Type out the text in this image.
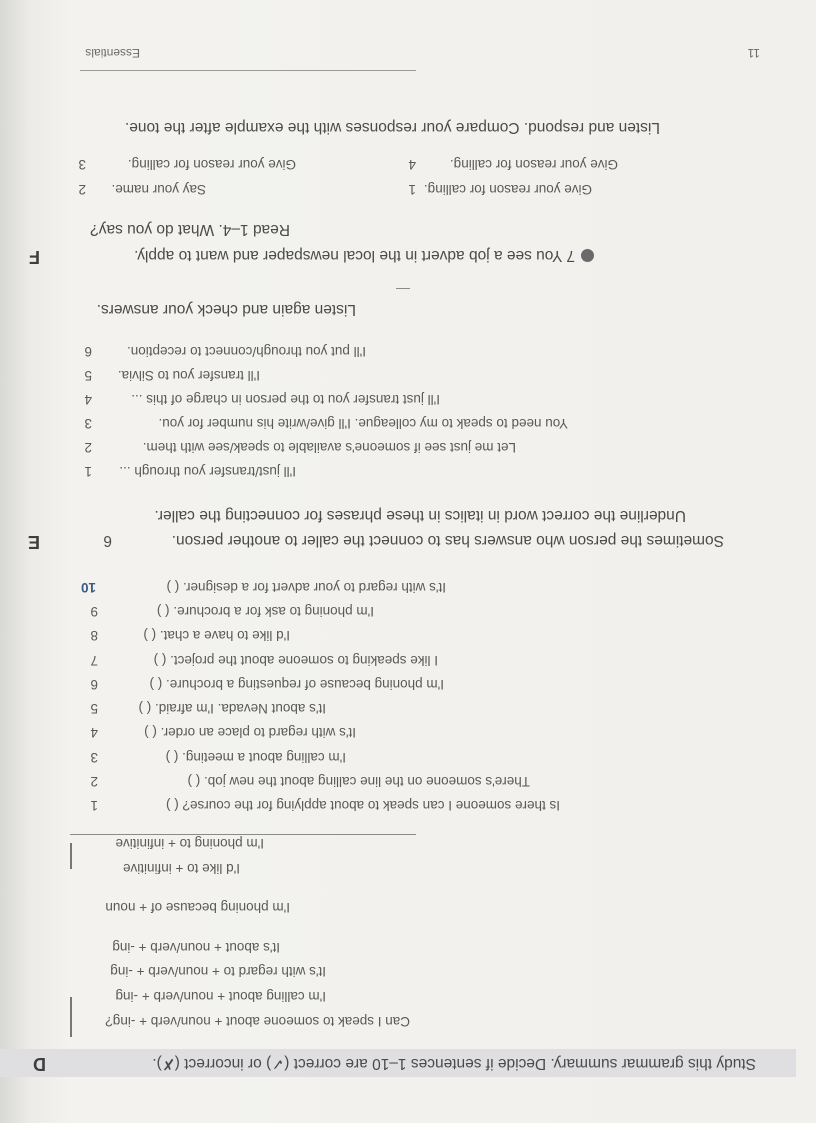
Essentials	11
D	Study this grammar summary. Decide if sentences 1–10 are correct (✓) or incorrect (✗).
Can I speak to someone about + noun/verb + -ing?
I'm calling about + noun/verb + -ing
It's with regard to + noun/verb + -ing
It's about + noun/verb + -ing
I'm phoning because of + noun
I'd like to + infinitive
I'm phoning to + infinitive
1	Is there someone I can speak to about applying for the course? ( )
2	There's someone on the line calling about the new job. ( )
3	I'm calling about a meeting. ( )
4	It's with regard to place an order. ( )
5	It's about Nevada. I'm afraid. ( )
6	I'm phoning because of requesting a brochure. ( )
7	I like speaking to someone about the project. ( )
8	I'd like to have a chat. ( )
9	I'm phoning to ask for a brochure. ( )
10	It's with regard to your advert for a designer. ( )
E	6	Sometimes the person who answers has to connect the caller to another person.
Underline the correct word in italics in these phrases for connecting the caller.
1 I'll just/transfer you through ...
2	Let me just see if someone's available to speak/see with them.
3	You need to speak to my colleague. I'll give/write his number for you.
4	I'll just transfer you to the person in charge of this ...
5 I'll transfer you to Silvia.
6	I'll put you through/connect to reception.
Listen again and check your answers.
F	7 You see a job advert in the local newspaper and want to apply.
Read 1–4. What do you say?
1 Give your reason for calling.
2 Say your name.
3	Give your reason for calling.	4	Give your reason for calling.
Listen and respond. Compare your responses with the example after the tone.
